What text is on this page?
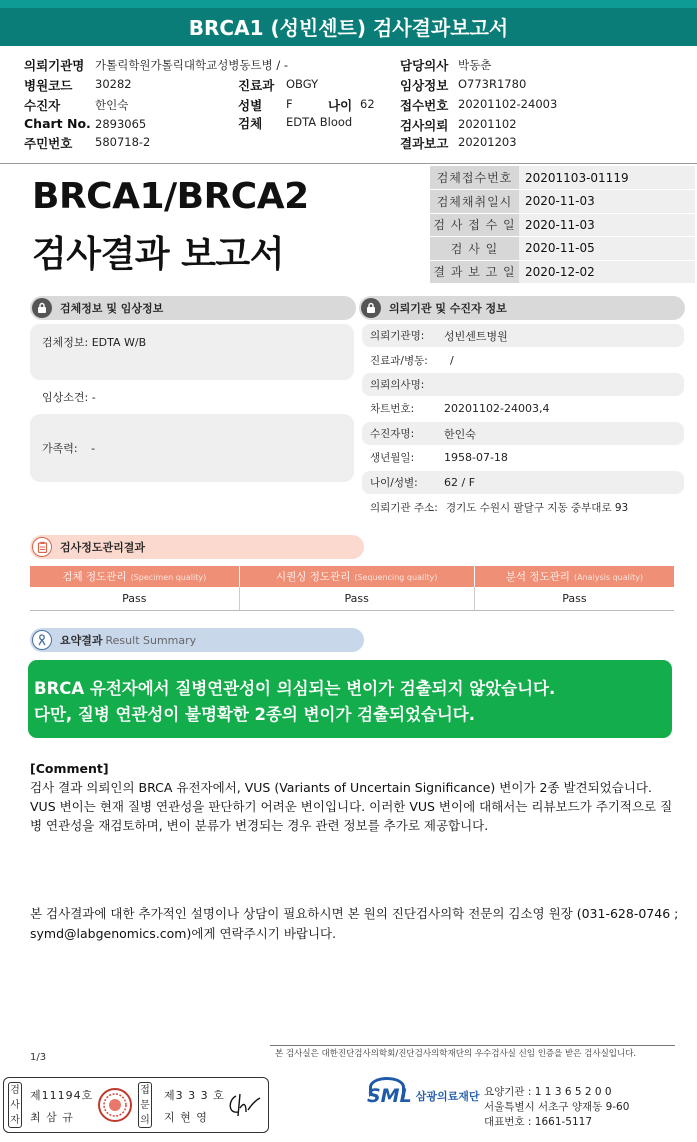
BRCA1 (성빈센트) 검사결과보고서
의뢰기관명 가톨릭학원가톨릭대학교성병동트병 / -
병원코드 30282	진료과 OBGY
수진자	한인숙	성별 F	나이 62
Chart No. 2893065	검체 EDTA Blood
주민번호 580718-2
담당의사 박동춘
임상정보 O773R1780
접수번호 20201102-24003
검사의뢰 20201102
결과보고 20201203
BRCA1/BRCA2
검사결과 보고서
검체접수번호	20201103-01119
검체채취일시	2020-11-03
검 사 접 수 일	2020-11-03
검 사 일	2020-11-05
결 과 보 고 일	2020-12-02
검체정보 및 임상정보
검체정보: EDTA W/B
임상소견: -
가족력: -
의뢰기관 및 수진자 정보
의뢰기관명:	성빈센트병원
진료과/병동:	/
의뢰의사명:
차트번호:	20201102-24003,4
수진자명:	한인숙
생년월일:	1958-07-18
나이/성별:	62 / F
의뢰기관 주소: 경기도 수원시 팔달구 지동 중부대로 93
검사정도관리결과
검체 정도관리 (Specimen quality)	시퀀싱 정도관리 (Sequencing quality)	분석 정도관리 (Analysis quality)
Pass	Pass	Pass
요약결과 Result Summary
BRCA 유전자에서 질병연관성이 의심되는 변이가 검출되지 않았습니다.
다만, 질병 연관성이 불명확한 2종의 변이가 검출되었습니다.
[Comment]
검사 결과 의뢰인의 BRCA 유전자에서, VUS (Variants of Uncertain Significance) 변이가 2종 발견되었습니다. VUS 변이는 현재 질병 연관성을 판단하기 어려운 변이입니다. 이러한 VUS 변이에 대해서는 리뷰보드가 주기적으로 질병 연관성을 재검토하며, 변이 분류가 변경되는 경우 관련 정보를 추가로 제공합니다.
본 검사결과에 대한 추가적인 설명이나 상담이 필요하시면 본 원의 진단검사의학 전문의 김소영 원장 (031-628-0746 ; symd@labgenomics.com)에게 연락주시기 바랍니다.
1/3	본 검사실은 대한진단검사의학회/진단검사의학재단의 우수검사실 신임 인증을 받은 검사실입니다.
검사자
제11194호
최 삼 규
접문의
제3 3 3 호
지 현 영
SML 삼광의료재단 요양기관 : 1 1 3 6 5 2 0 0
서울특별시 서초구 양재동 9-60
대표번호 : 1661-5117
